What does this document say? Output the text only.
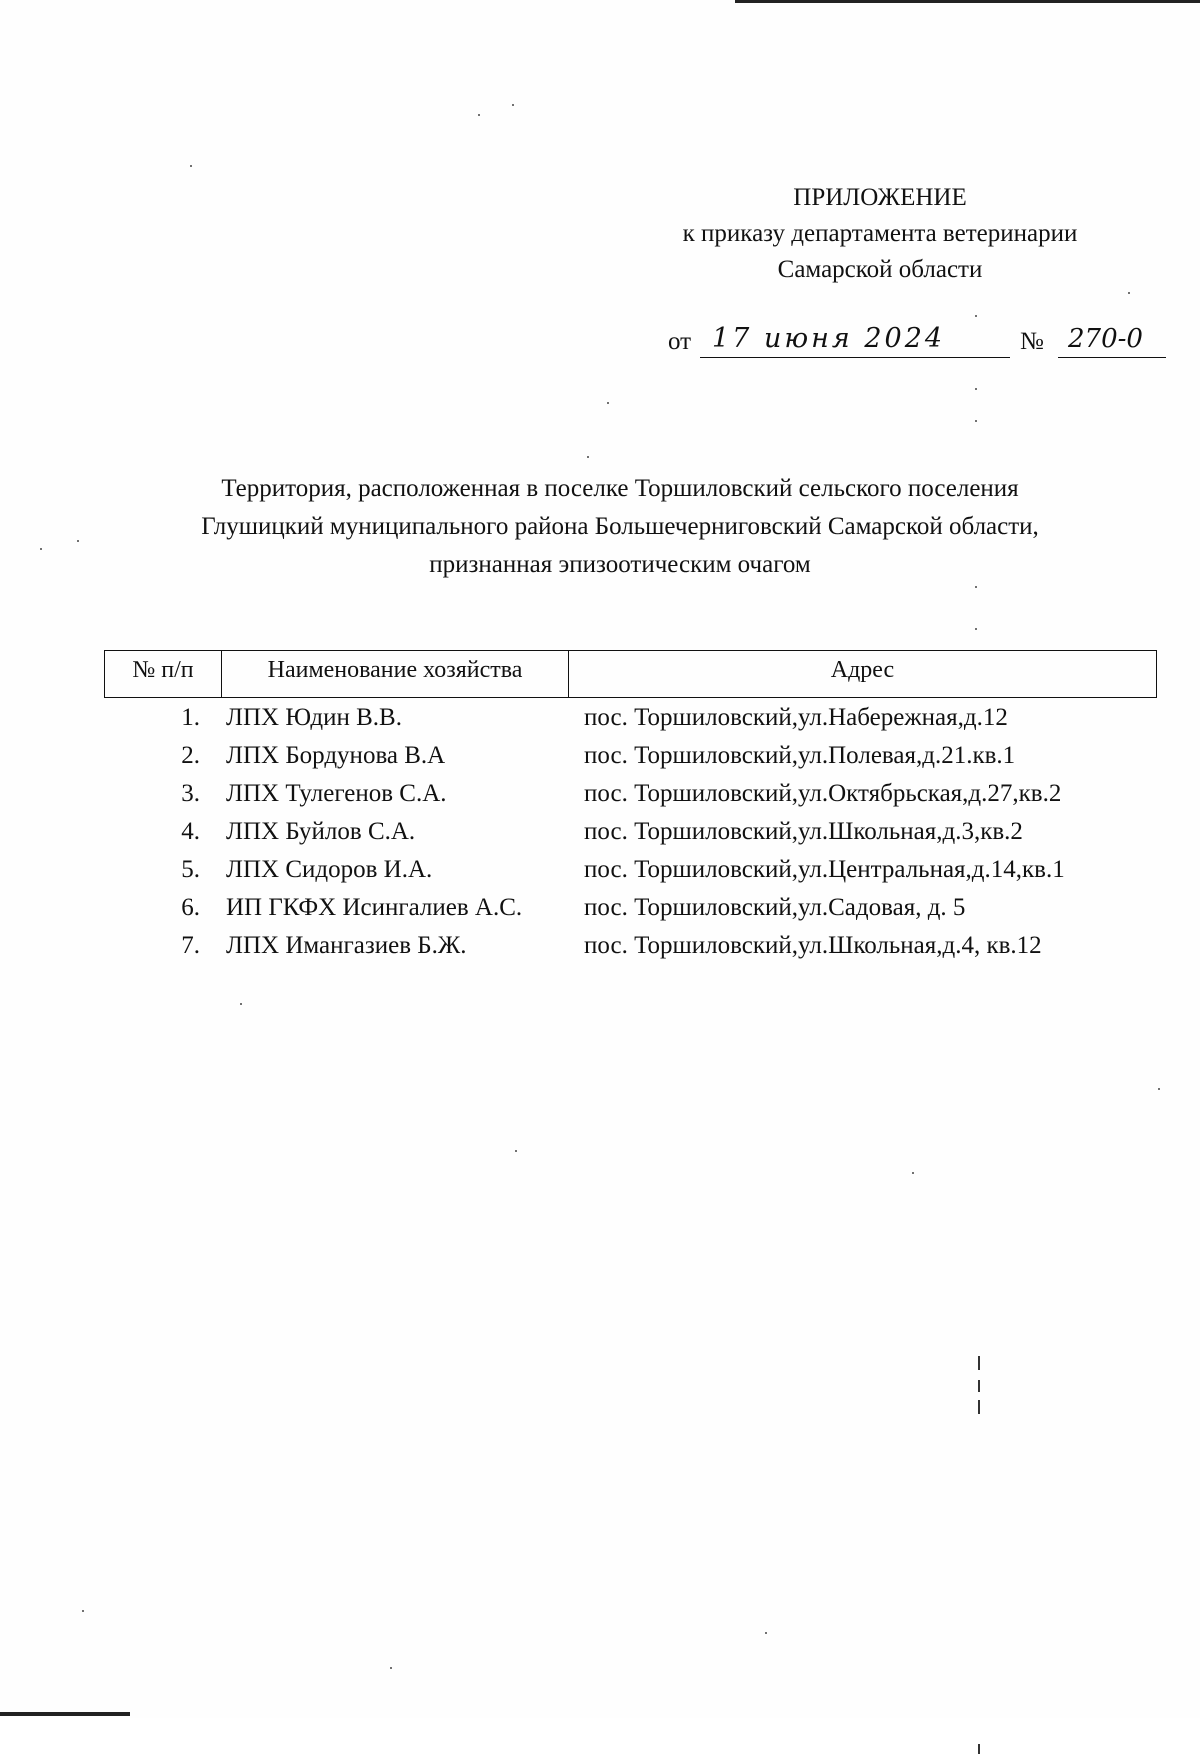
ПРИЛОЖЕНИЕ
к приказу департамента ветеринарии
Самарской области
от 17 июня 2024	№ 270-0
Территория, расположенная в поселке Торшиловский сельского поселения
Глушицкий муниципального района Большечерниговский Самарской области,
признанная эпизоотическим очагом
№ п/п	Наименование хозяйства	Адрес
1. ЛПХ Юдин В.В.	пос. Торшиловский,ул.Набережная,д.12
2. ЛПХ Бордунова В.А	пос. Торшиловский,ул.Полевая,д.21.кв.1
3. ЛПХ Тулегенов С.А.	пос. Торшиловский,ул.Октябрьская,д.27,кв.2
4. ЛПХ Буйлов С.А.	пос. Торшиловский,ул.Школьная,д.3,кв.2
5. ЛПХ Сидоров И.А.	пос. Торшиловский,ул.Центральная,д.14,кв.1
6. ИП ГКФХ Исингалиев А.С. пос. Торшиловский,ул.Садовая, д. 5
7. ЛПХ Имангазиев Б.Ж.	пос. Торшиловский,ул.Школьная,д.4, кв.12
